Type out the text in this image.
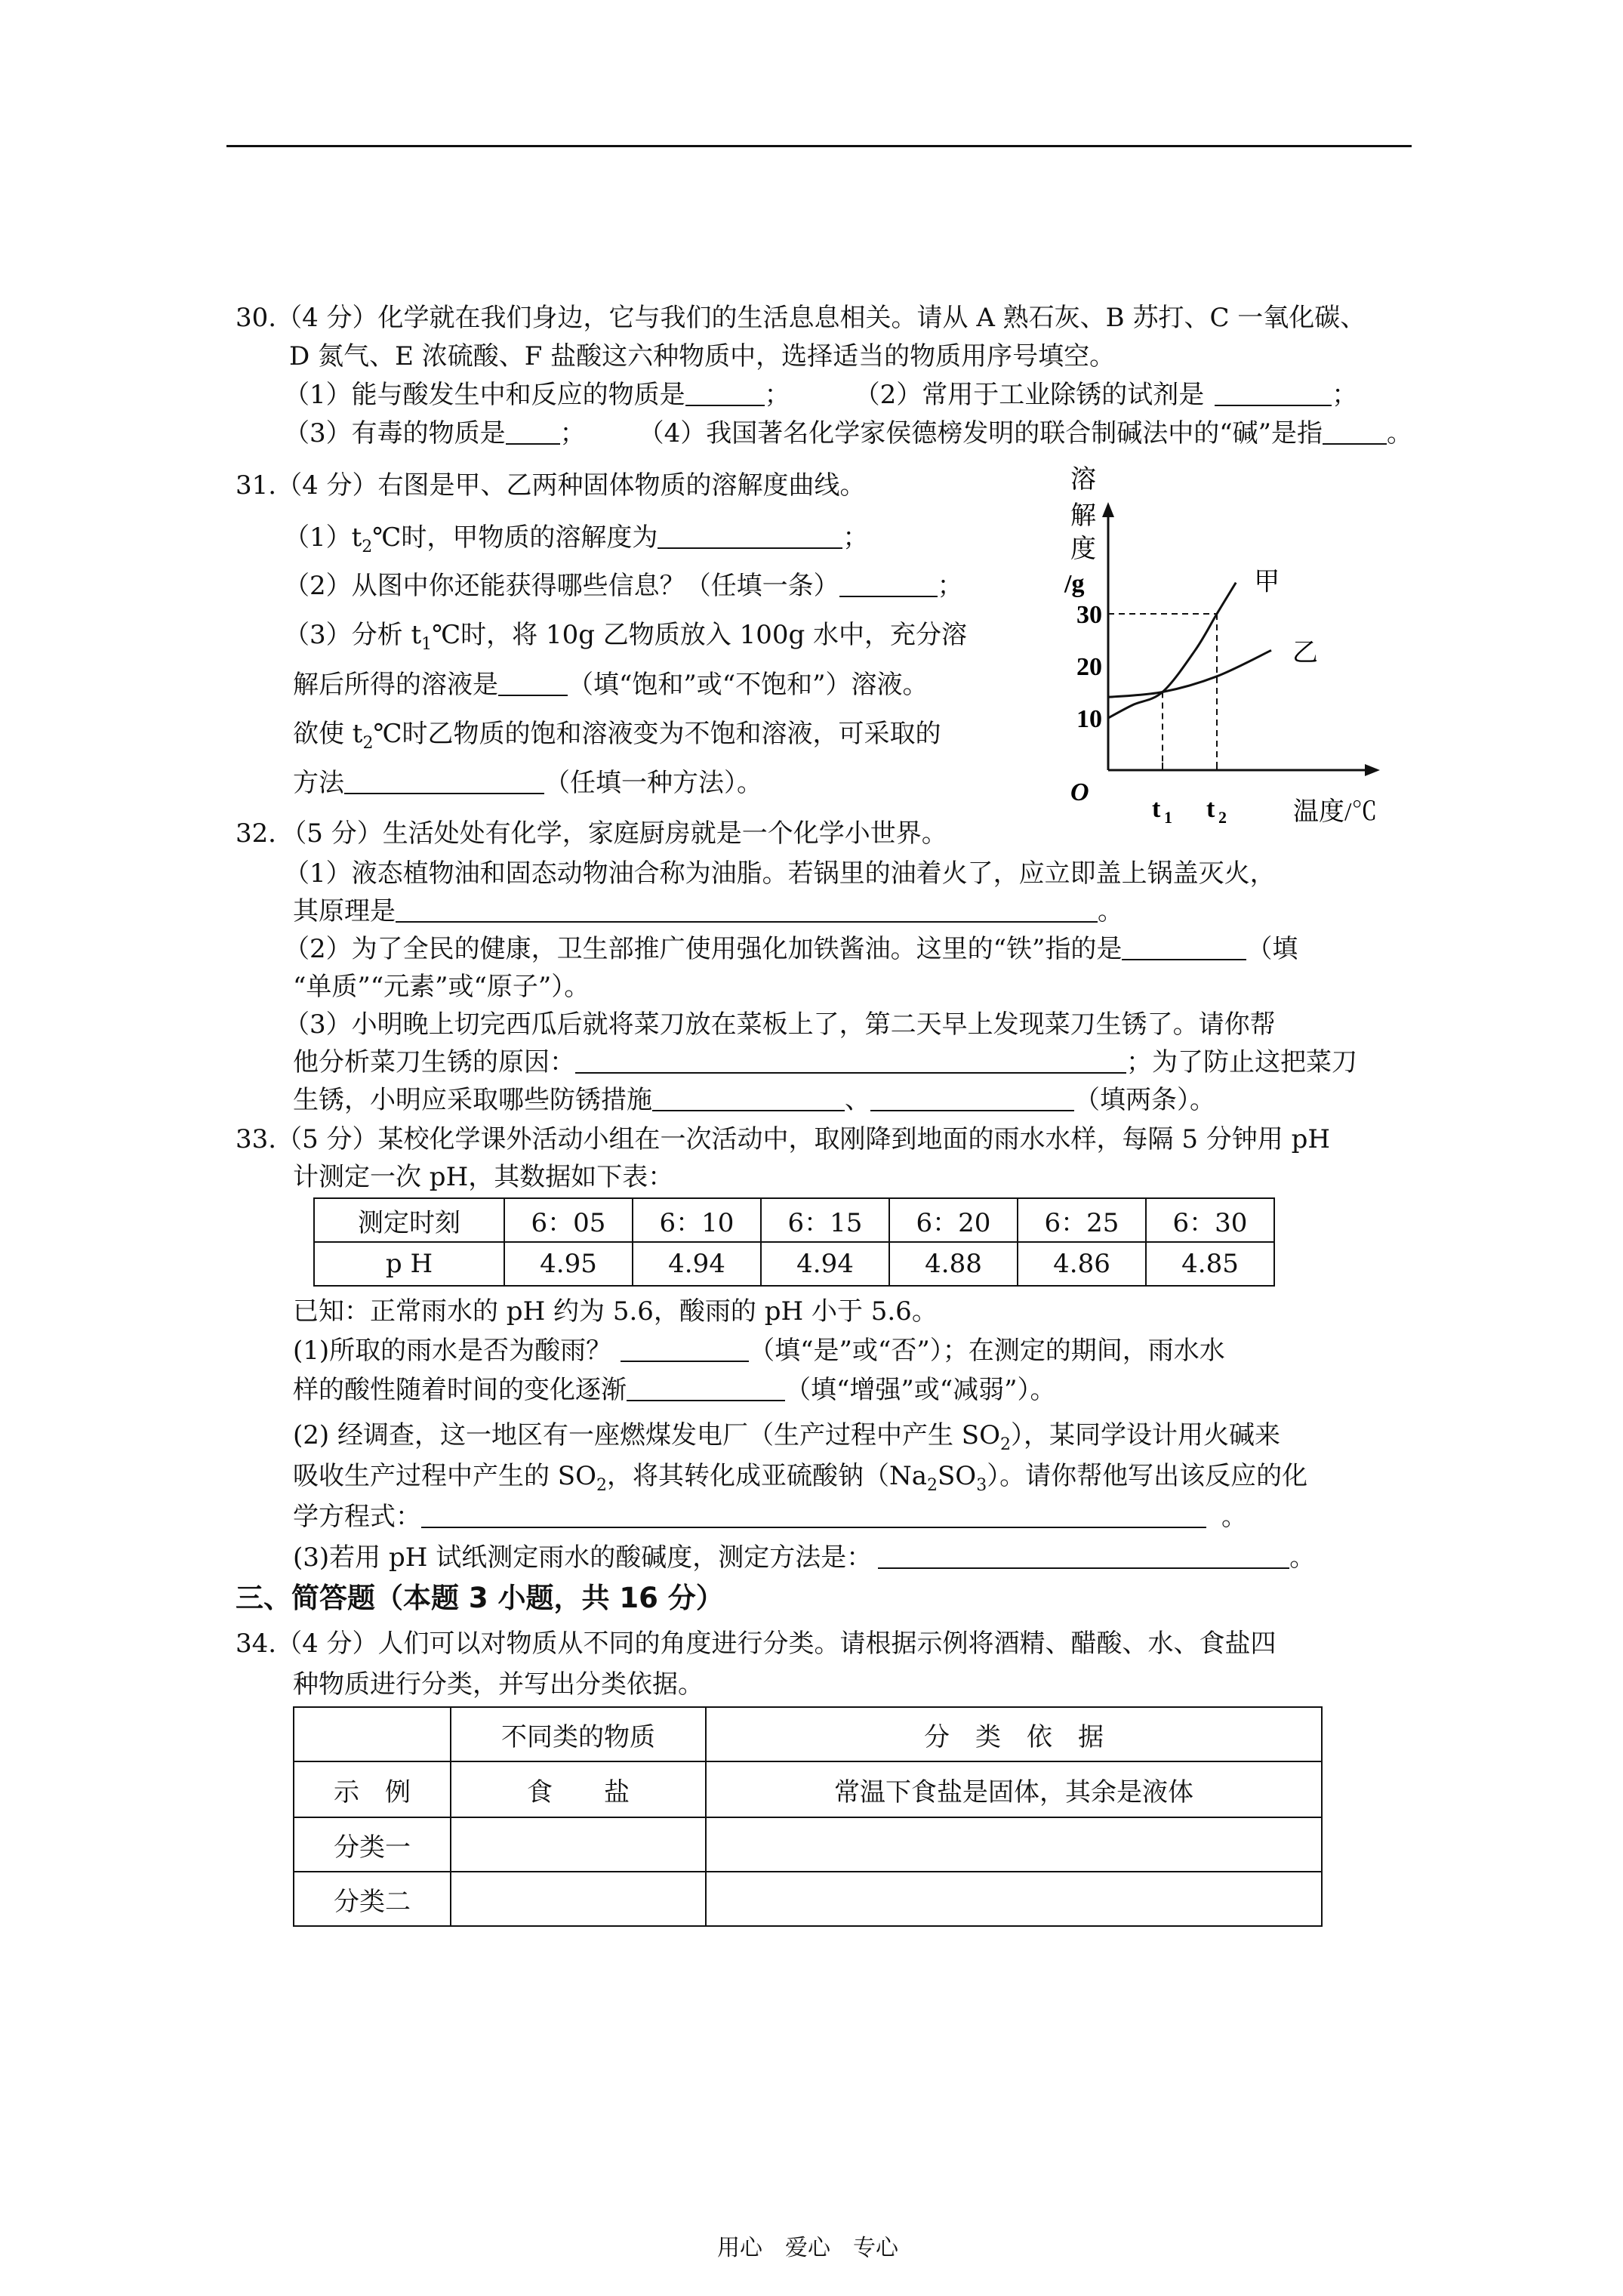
30.（4 分）化学就在我们身边，它与我们的生活息息相关。请从 A 熟石灰、B 苏打、C 一氧化碳、
D 氮气、E 浓硫酸、F 盐酸这六种物质中，选择适当的物质用序号填空。
（1）能与酸发生中和反应的物质是	；	（2）常用于工业除锈的试剂是	；
（3）有毒的物质是 ； （4）我国著名化学家侯德榜发明的联合制碱法中的“碱”是指	。
31.（4 分）右图是甲、乙两种固体物质的溶解度曲线。
$(1)t_2℃$时，甲物质的溶解度为	；
（2）从图中你还能获得哪些信息？（任填一条）	；
（3）分析 $t_1℃$时，将 10g 乙物质放入 100g 水中，充分溶
解后所得的溶液是	（填“饱和”或“不饱和”）溶液。
欲使 $t_2℃$时乙物质的饱和溶液变为不饱和溶液，可采取的
方法	（任填一种方法）。
溶
解
度
/g
10
20
30
O
t 1 t 2	温度/℃
甲
乙
32．（5 分）生活处处有化学，家庭厨房就是一个化学小世界。
（1）液态植物油和固态动物油合称为油脂。若锅里的油着火了，应立即盖上锅盖灭火，
其原理是	。
（2）为了全民的健康，卫生部推广使用强化加铁酱油。这里的“铁”指的是	（填
“单质”“元素”或“原子”）。
（3）小明晚上切完西瓜后就将菜刀放在菜板上了，第二天早上发现菜刀生锈了。请你帮
他分析菜刀生锈的原因：	；为了防止这把菜刀
生锈，小明应采取哪些防锈措施	、	（填两条）。
33.（5 分）某校化学课外活动小组在一次活动中，取刚降到地面的雨水水样，每隔 5 分钟用 pH
计测定一次 pH，其数据如下表：
测定时刻	6：05	6：10	6：15	6：20	6：25	6：30
p H	4.95	4.94	4.94	4.88	4.86	4.85
已知：正常雨水的 pH 约为 5.6，酸雨的 pH 小于 5.6。
(1)所取的雨水是否为酸雨？	（填“是”或“否”）；在测定的期间，雨水水
样的酸性随着时间的变化逐渐	（填“增强”或“减弱”）。
(2) 经调查，这一地区有一座燃煤发电厂（生产过程中产生 $SO_2$），某同学设计用火碱来
吸收生产过程中产生的 $SO_2$，将其转化成亚硫酸钠$(Na_2SO_3)$。请你帮他写出该反应的化
学方程式：	。
(3)若用 pH 试纸测定雨水的酸碱度，测定方法是：	。
三、简答题（本题 3 小题，共 16 分）
34.（4 分）人们可以对物质从不同的角度进行分类。请根据示例将酒精、醋酸、水、食盐四
种物质进行分类，并写出分类依据。
	不同类的物质	分　类　依　据
示　例	食　　盐	常温下食盐是固体，其余是液体
分类一		
分类二		
用心　爱心　专心
